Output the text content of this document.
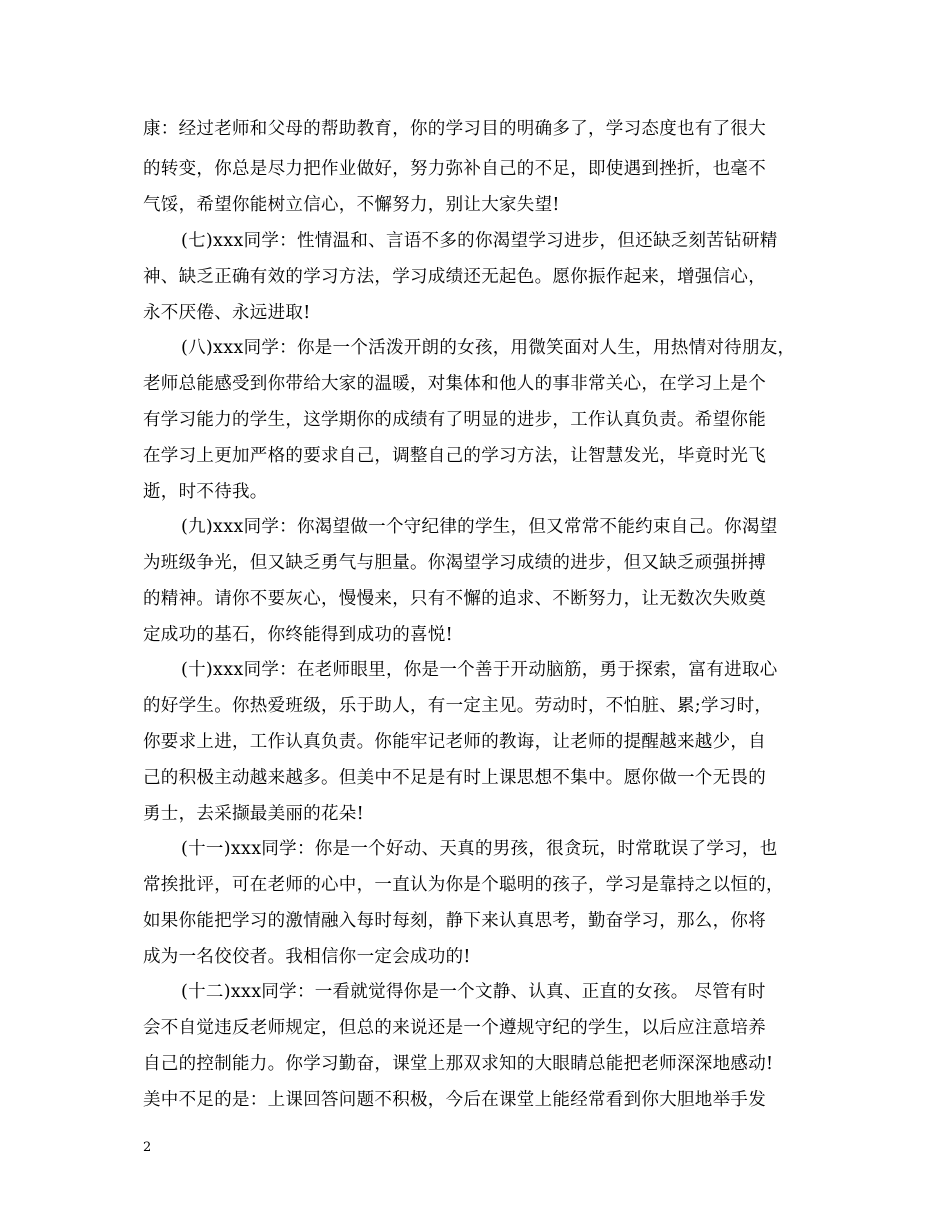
康：经过老师和父母的帮助教育，你的学习目的明确多了，学习态度也有了很大
的转变，你总是尽力把作业做好，努力弥补自己的不足，即使遇到挫折，也毫不
气馁，希望你能树立信心，不懈努力，别让大家失望!
(七)xxx同学：性情温和、言语不多的你渴望学习进步，但还缺乏刻苦钻研精
神、缺乏正确有效的学习方法，学习成绩还无起色。愿你振作起来，增强信心，
永不厌倦、永远进取!
(八)xxx同学：你是一个活泼开朗的女孩，用微笑面对人生，用热情对待朋友，
老师总能感受到你带给大家的温暖，对集体和他人的事非常关心，在学习上是个
有学习能力的学生，这学期你的成绩有了明显的进步，工作认真负责。希望你能
在学习上更加严格的要求自己，调整自己的学习方法，让智慧发光，毕竟时光飞
逝，时不待我。
(九)xxx同学：你渴望做一个守纪律的学生，但又常常不能约束自己。你渴望
为班级争光，但又缺乏勇气与胆量。你渴望学习成绩的进步，但又缺乏顽强拼搏
的精神。请你不要灰心，慢慢来，只有不懈的追求、不断努力，让无数次失败奠
定成功的基石，你终能得到成功的喜悦!
(十)xxx同学：在老师眼里，你是一个善于开动脑筋，勇于探索，富有进取心
的好学生。你热爱班级，乐于助人，有一定主见。劳动时，不怕脏、累;学习时，
你要求上进，工作认真负责。你能牢记老师的教诲，让老师的提醒越来越少，自
己的积极主动越来越多。但美中不足是有时上课思想不集中。愿你做一个无畏的
勇士，去采撷最美丽的花朵!
(十一)xxx同学：你是一个好动、天真的男孩，很贪玩，时常耽误了学习，也
常挨批评，可在老师的心中，一直认为你是个聪明的孩子，学习是靠持之以恒的，
如果你能把学习的激情融入每时每刻，静下来认真思考，勤奋学习，那么，你将
成为一名佼佼者。我相信你一定会成功的!
(十二)xxx同学：一看就觉得你是一个文静、认真、正直的女孩。 尽管有时
会不自觉违反老师规定，但总的来说还是一个遵规守纪的学生，以后应注意培养
自己的控制能力。你学习勤奋，课堂上那双求知的大眼睛总能把老师深深地感动!
美中不足的是：上课回答问题不积极，今后在课堂上能经常看到你大胆地举手发
2
